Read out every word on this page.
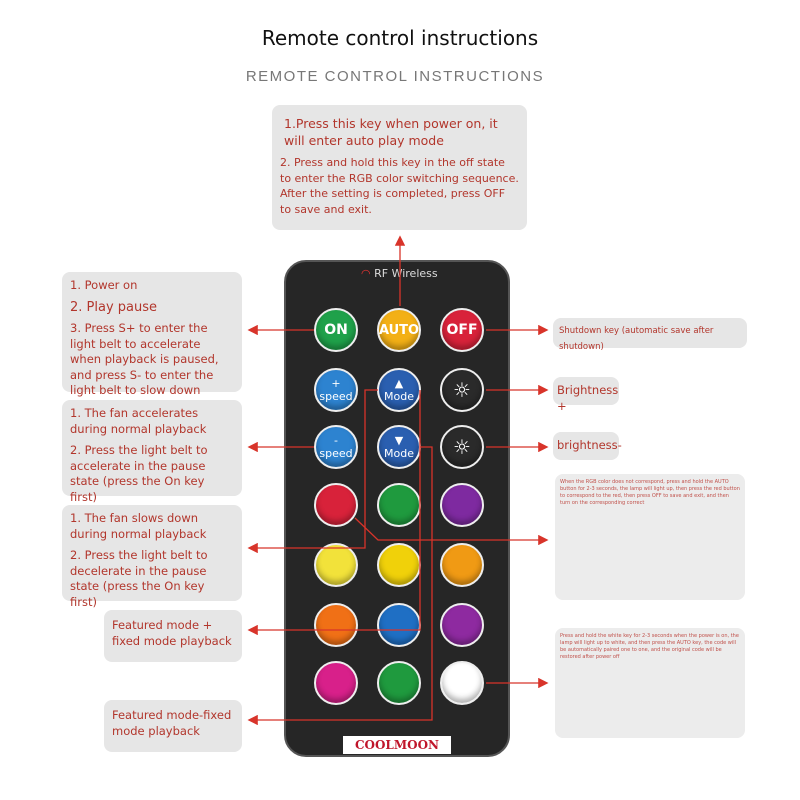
Remote control instructions
REMOTE CONTROL INSTRUCTIONS

1.Press this key when power on, it will enter auto play mode

2. Press and hold this key in the off state to enter the RGB color switching sequence. After the setting is completed, press OFF to save and exit.

1. Power on

2. Play pause

3. Press S+ to enter the light belt to accelerate when playback is paused, and press S- to enter the light belt to slow down

1. The fan accelerates during normal playback

2. Press the light belt to accelerate in the pause state (press the On key first)

1. The fan slows down during normal playback

2. Press the light belt to decelerate in the pause state (press the On key first)

Featured mode + fixed mode playback
Featured mode-fixed mode playback
Shutdown key (automatic save after shutdown)
Brightness +
brightness-
When the RGB color does not correspond, press and hold the AUTO button for 2-3 seconds, the lamp will light up, then press the red button to correspond to the red, then press OFF to save and exit, and then turn on the corresponding correct
Press and hold the white key for 2-3 seconds when the power is on, the lamp will light up to white, and then press the AUTO key, the code will be automatically paired one to one, and the original code will be restored after power off
◠ RF Wireless
ON	AUTO	OFF
+
speed
▲
Mode ☼
-
speed
▼
Mode ☼
COOLMOON
